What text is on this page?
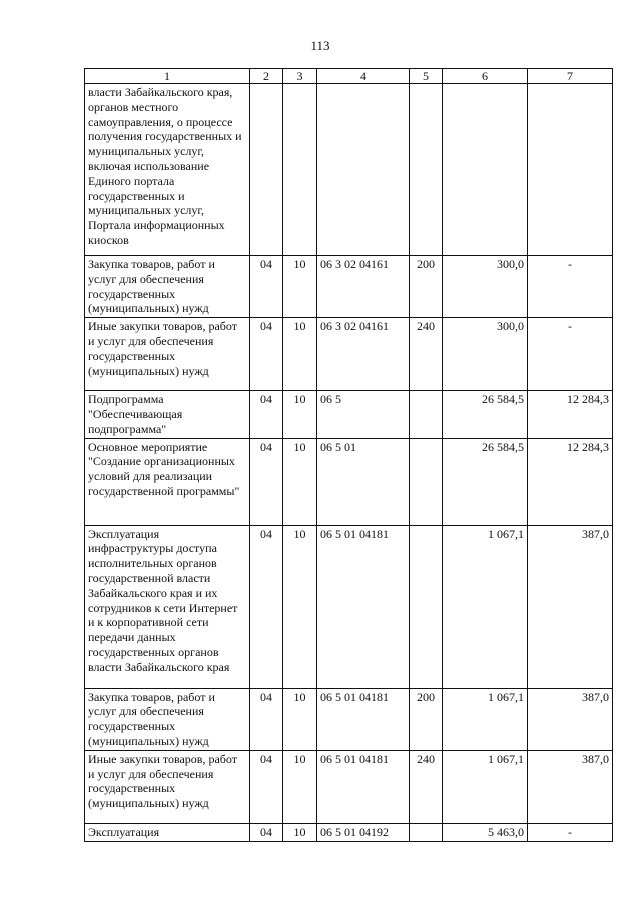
113
1	2	3	4	5	6	7
власти Забайкальского края, органов местного самоуправления, о процессе получения государственных и муниципальных услуг, включая использование Единого портала государственных и муниципальных услуг, Портала информационных киосков						
Закупка товаров, работ и услуг для обеспечения государственных (муниципальных) нужд	04	10	06 3 02 04161	200	300,0	-
Иные закупки товаров, работ и услуг для обеспечения государственных (муниципальных) нужд	04	10	06 3 02 04161	240	300,0	-
Подпрограмма "Обеспечивающая подпрограмма"	04	10	06 5		26 584,5	12 284,3
Основное мероприятие "Создание организационных условий для реализации государственной программы"	04	10	06 5 01		26 584,5	12 284,3
Эксплуатация инфраструктуры доступа исполнительных органов государственной власти Забайкальского края и их сотрудников к сети Интернет и к корпоративной сети передачи данных государственных органов власти Забайкальского края	04	10	06 5 01 04181		1 067,1	387,0
Закупка товаров, работ и услуг для обеспечения государственных (муниципальных) нужд	04	10	06 5 01 04181	200	1 067,1	387,0
Иные закупки товаров, работ и услуг для обеспечения государственных (муниципальных) нужд	04	10	06 5 01 04181	240	1 067,1	387,0
Эксплуатация	04	10	06 5 01 04192		5 463,0	-
